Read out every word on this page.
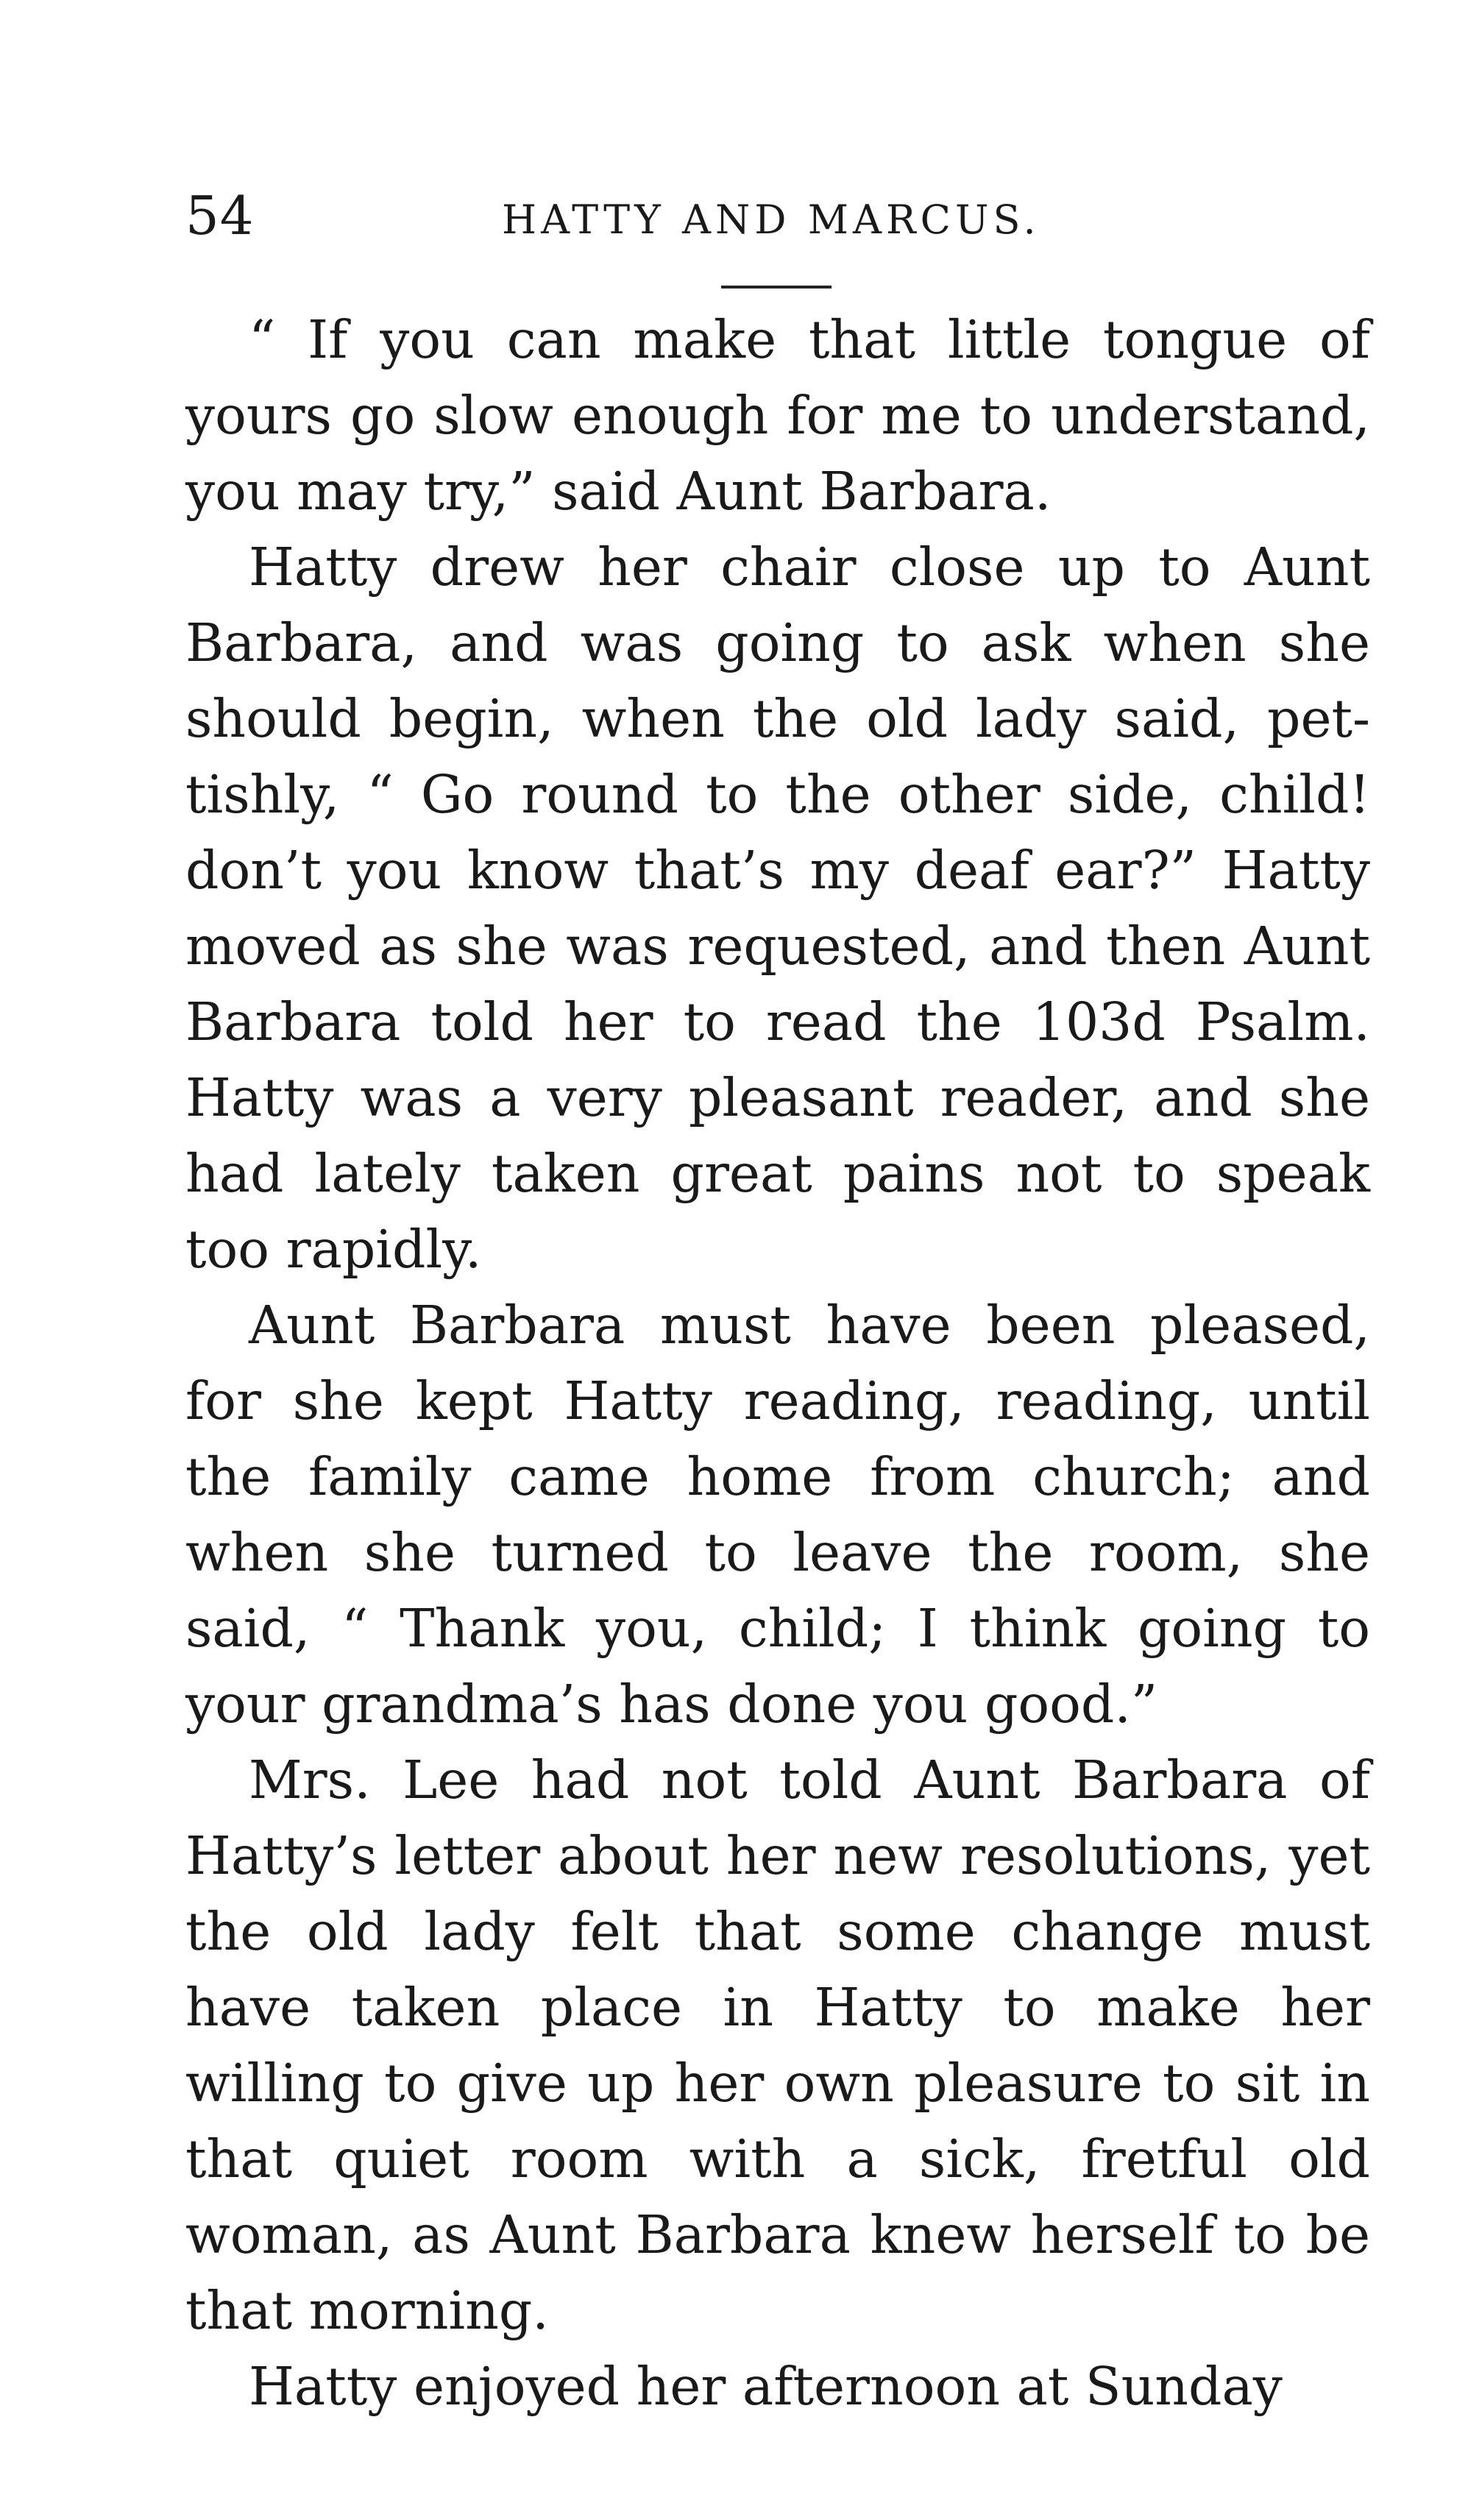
54	HATTY AND MARCUS.

“ If you can make that little tongue of yours go slow enough for me to understand, you may try,” said Aunt Barbara.

Hatty drew her chair close up to Aunt Barbara, and was going to ask when she should begin, when the old lady said, pettishly, “ Go round to the other side, child! don’t you know that’s my deaf ear?” Hatty moved as she was requested, and then Aunt Barbara told her to read the 103d Psalm. Hatty was a very pleasant reader, and she had lately taken great pains not to speak too rapidly.

Aunt Barbara must have been pleased, for she kept Hatty reading, reading, until the family came home from church; and when she turned to leave the room, she said, “ Thank you, child; I think going to your grandma’s has done you good.”

Mrs. Lee had not told Aunt Barbara of Hatty’s letter about her new resolutions, yet the old lady felt that some change must have taken place in Hatty to make her willing to give up her own pleasure to sit in that quiet room with a sick, fretful old woman, as Aunt Barbara knew herself to be that morning.

Hatty enjoyed her afternoon at Sunday
